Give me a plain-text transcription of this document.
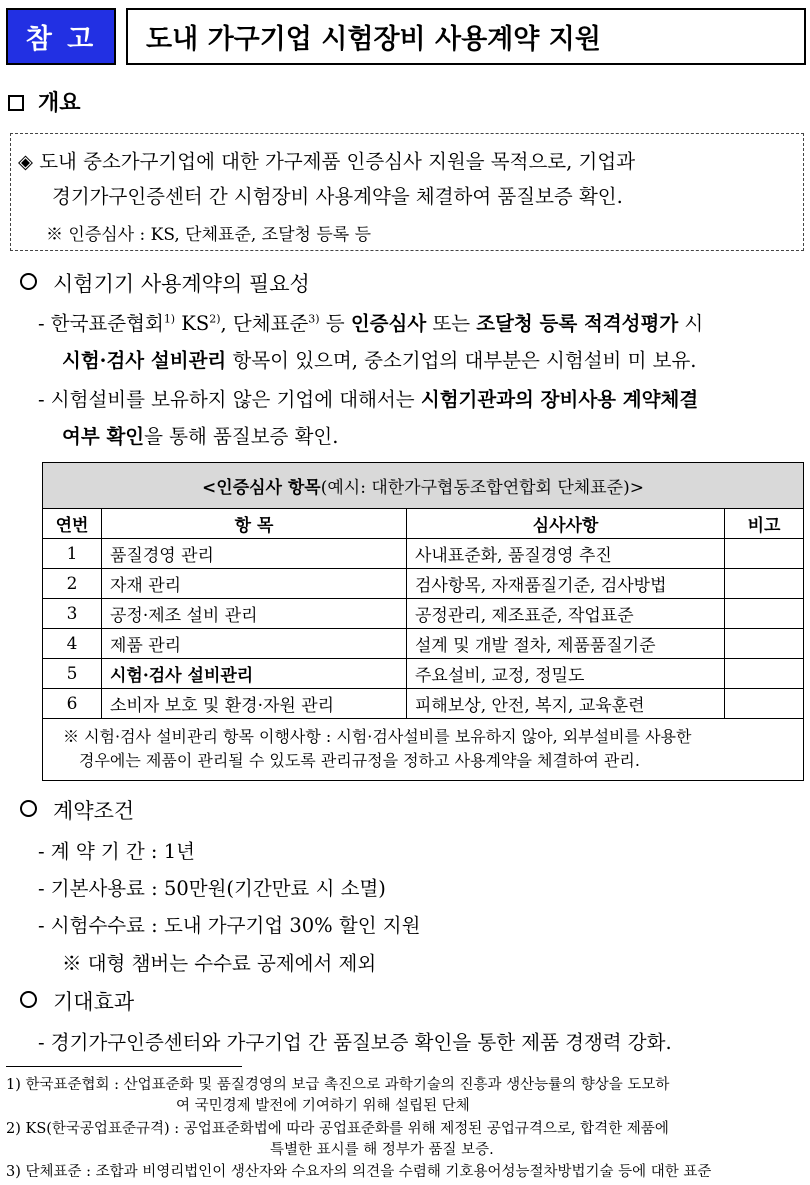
참 고	도내 가구기업 시험장비 사용계약 지원
개요
◈ 도내 중소가구기업에 대한 가구제품 인증심사 지원을 목적으로, 기업과
경기가구인증센터 간 시험장비 사용계약을 체결하여 품질보증 확인.
※ 인증심사 : KS, 단체표준, 조달청 등록 등
시험기기 사용계약의 필요성
- 한국표준협회$^{1)}$ KS$^{2)}$, 단체표준$^{3)}$ 등 인증심사 또는 조달청 등록 적격성평가 시
시험·검사 설비관리 항목이 있으며, 중소기업의 대부분은 시험설비 미 보유.
- 시험설비를 보유하지 않은 기업에 대해서는 시험기관과의 장비사용 계약체결
여부 확인을 통해 품질보증 확인.
<인증심사 항목 (예시: 대한가구협동조합연합회 단체표준)>
연번	항 목	심사사항	비고
1	품질경영 관리	사내표준화, 품질경영 추진
2	자재 관리	검사항목, 자재품질기준, 검사방법
3	공정·제조 설비 관리	공정관리, 제조표준, 작업표준
4	제품 관리	설계 및 개발 절차, 제품품질기준
5	시험·검사 설비관리	주요설비, 교정, 정밀도
6	소비자 보호 및 환경·자원 관리	피해보상, 안전, 복지, 교육훈련
※ 시험·검사 설비관리 항목 이행사항 : 시험·검사설비를 보유하지 않아, 외부설비를 사용한
경우에는 제품이 관리될 수 있도록 관리규정을 정하고 사용계약을 체결하여 관리.
계약조건
- 계 약 기 간 : 1년
- 기본사용료 : 50만원(기간만료 시 소멸)
- 시험수수료 : 도내 가구기업 30% 할인 지원
※ 대형 챔버는 수수료 공제에서 제외
기대효과
- 경기가구인증센터와 가구기업 간 품질보증 확인을 통한 제품 경쟁력 강화.
1) 한국표준협회 : 산업표준화 및 품질경영의 보급 촉진으로 과학기술의 진흥과 생산능률의 향상을 도모하
여 국민경제 발전에 기여하기 위해 설립된 단체
2) KS(한국공업표준규격) : 공업표준화법에 따라 공업표준화를 위해 제정된 공업규격으로, 합격한 제품에
특별한 표시를 해 정부가 품질 보증.
3) 단체표준 : 조합과 비영리법인이 생산자와 수요자의 의견을 수렴해 기호용어성능절차방법기술 등에 대한 표준
